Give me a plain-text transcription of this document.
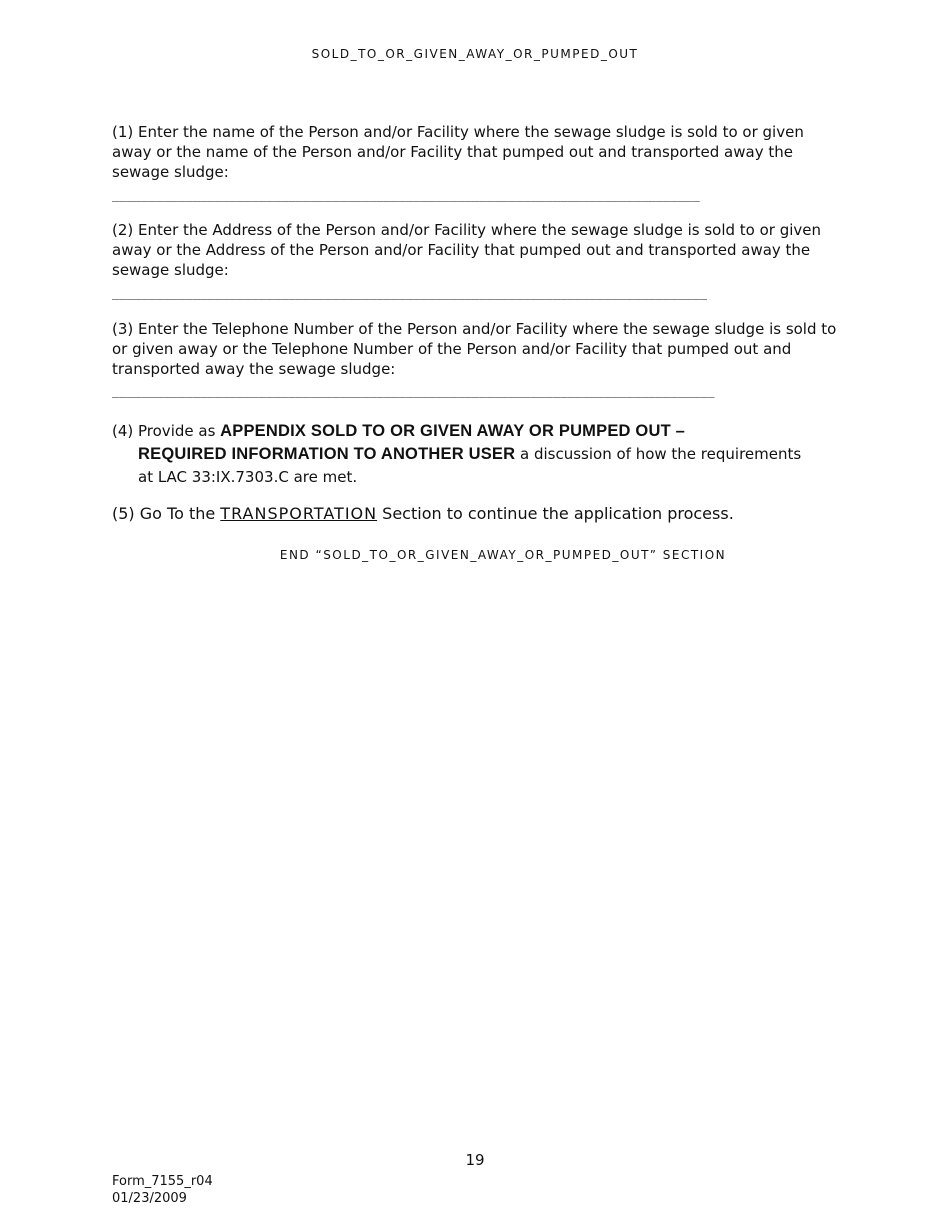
SOLD_TO_OR_GIVEN_AWAY_OR_PUMPED_OUT

(1) Enter the name of the Person and/or Facility where the sewage sludge is sold to or given away or the name of the Person and/or Facility that pumped out and transported away the sewage sludge:

________________________________________________________________________________

(2) Enter the Address of the Person and/or Facility where the sewage sludge is sold to or given away or the Address of the Person and/or Facility that pumped out and transported away the sewage sludge:

_________________________________________________________________________________

(3) Enter the Telephone Number of the Person and/or Facility where the sewage sludge is sold to or given away or the Telephone Number of the Person and/or Facility that pumped out and transported away the sewage sludge:

__________________________________________________________________________________
(4) Provide as APPENDIX SOLD TO OR GIVEN AWAY OR PUMPED OUT –
REQUIRED INFORMATION TO ANOTHER USER a discussion of how the requirements
at LAC 33:IX.7303.C are met.
(5) Go To the TRANSPORTATION Section to continue the application process.
END “SOLD_TO_OR_GIVEN_AWAY_OR_PUMPED_OUT” SECTION
19
Form_7155_r04
01/23/2009
